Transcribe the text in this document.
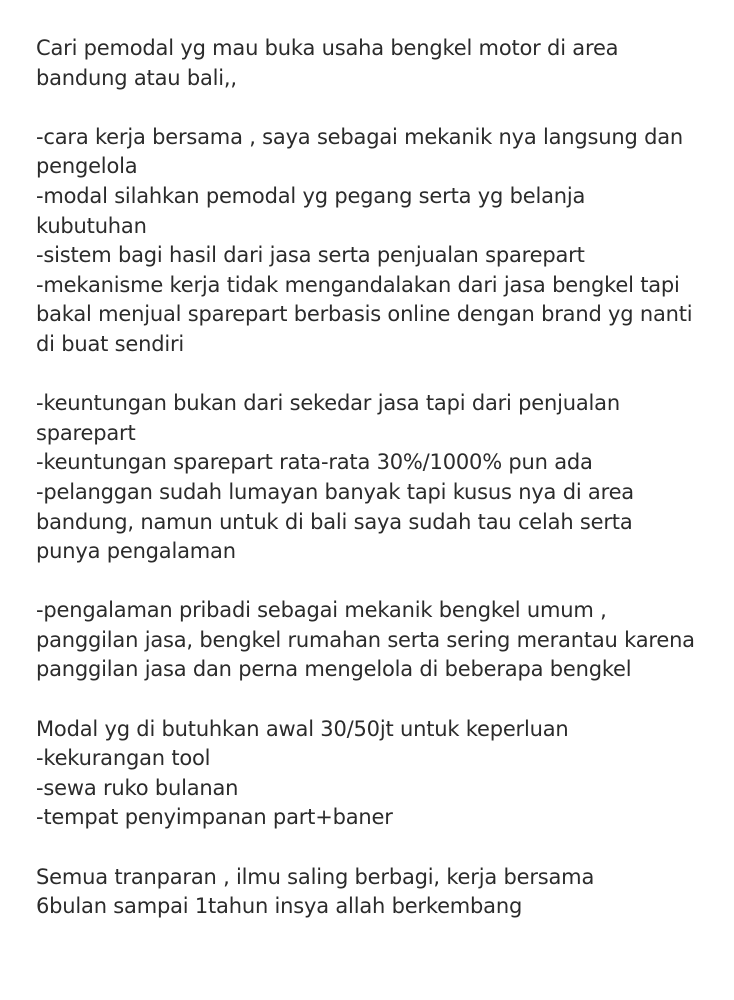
Cari pemodal yg mau buka usaha bengkel motor di area
bandung atau bali,,
-cara kerja bersama , saya sebagai mekanik nya langsung dan
pengelola
-modal silahkan pemodal yg pegang serta yg belanja
kubutuhan
-sistem bagi hasil dari jasa serta penjualan sparepart
-mekanisme kerja tidak mengandalakan dari jasa bengkel tapi
bakal menjual sparepart berbasis online dengan brand yg nanti
di buat sendiri
-keuntungan bukan dari sekedar jasa tapi dari penjualan
sparepart
-keuntungan sparepart rata-rata 30%/1000% pun ada
-pelanggan sudah lumayan banyak tapi kusus nya di area
bandung, namun untuk di bali saya sudah tau celah serta
punya pengalaman
-pengalaman pribadi sebagai mekanik bengkel umum ,
panggilan jasa, bengkel rumahan serta sering merantau karena
panggilan jasa dan perna mengelola di beberapa bengkel
Modal yg di butuhkan awal 30/50jt untuk keperluan
-kekurangan tool
-sewa ruko bulanan
-tempat penyimpanan part+baner
Semua tranparan , ilmu saling berbagi, kerja bersama
6bulan sampai 1tahun insya allah berkembang
